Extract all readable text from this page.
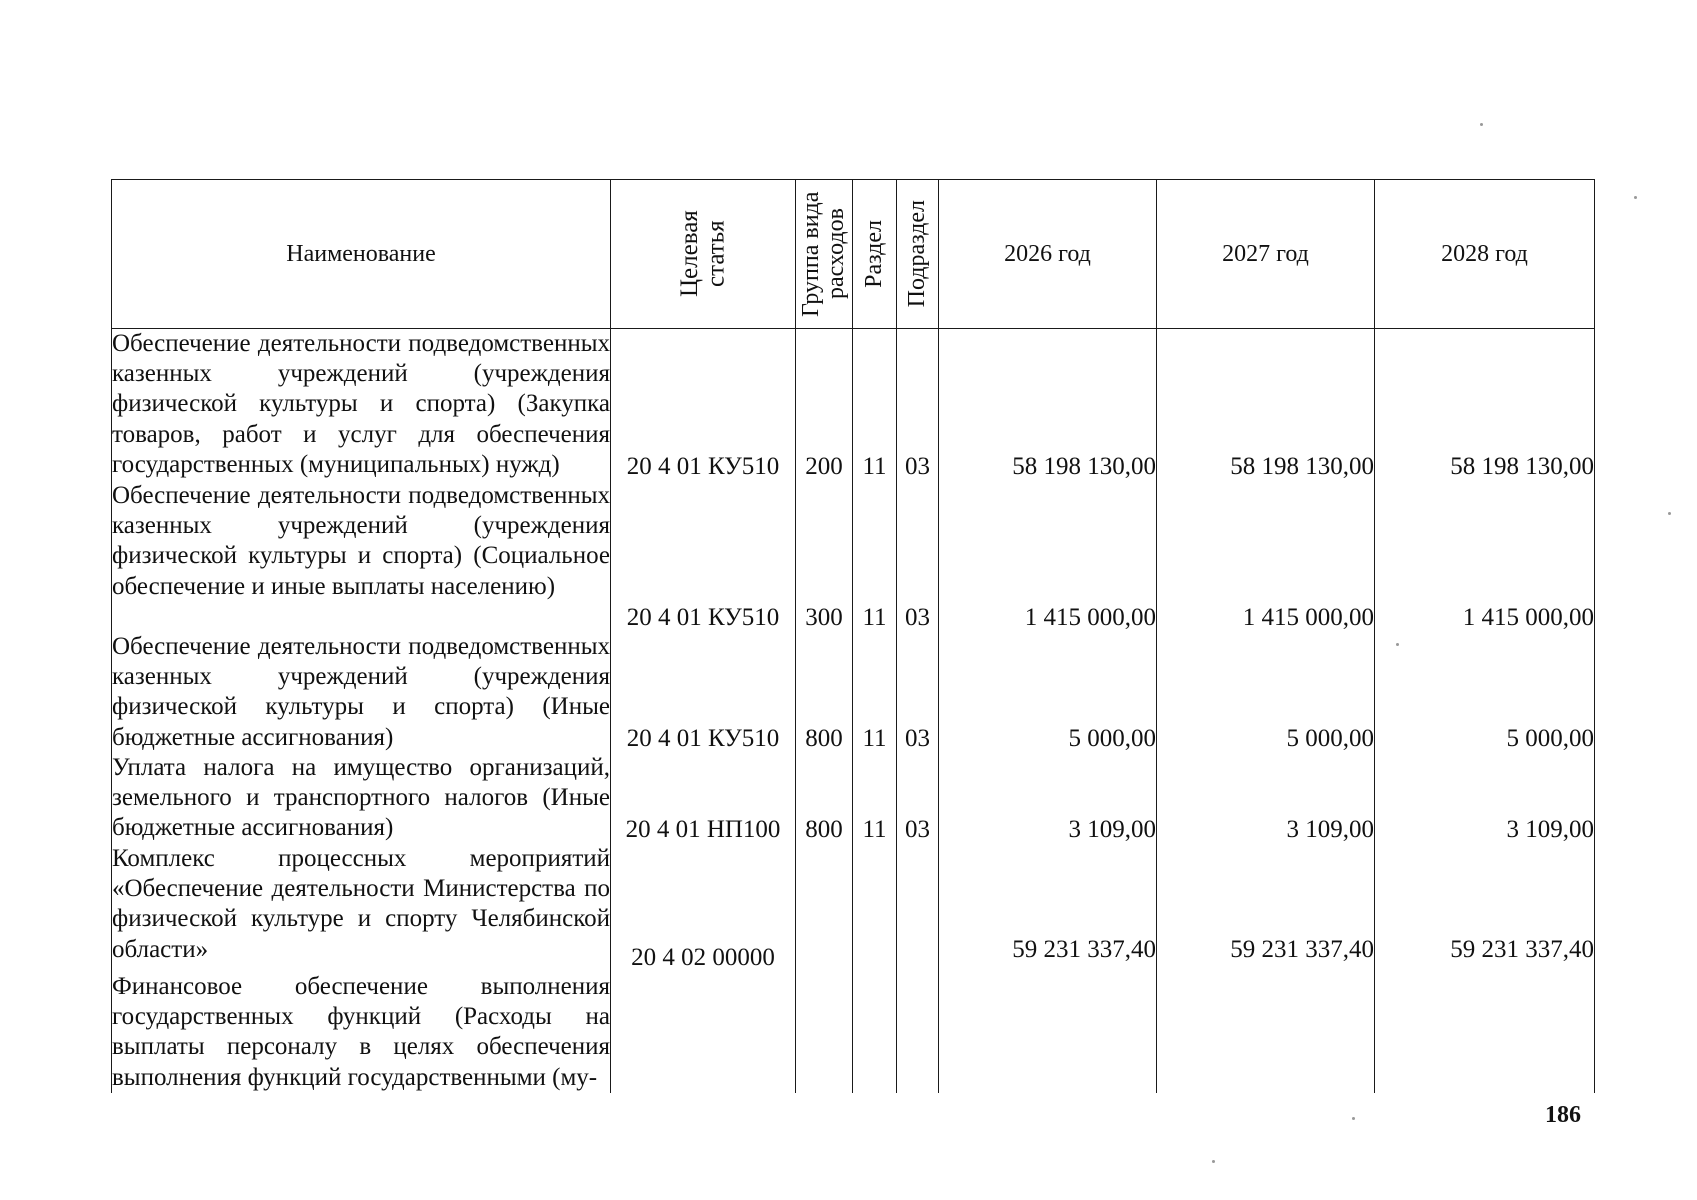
Наименование	Целевая статья	Группа вида расходов	Раздел	Подраздел	2026 год	2027 год	2028 год
Обеспечение деятельности подведомственных казенных учреждений (учреждения физической культуры и спорта) (Закупка товаров, работ и услуг для обеспечения государственных (муниципальных) нужд)	20 4 01 КУ510	200	11	03	58 198 130,00	58 198 130,00	58 198 130,00
Обеспечение деятельности подведомственных казенных учреждений (учреждения физической культуры и спорта) (Социальное обеспечение и иные выплаты населению)	20 4 01 КУ510	300	11	03	1 415 000,00	1 415 000,00	1 415 000,00
Обеспечение деятельности подведомственных казенных учреждений (учреждения физической культуры и спорта) (Иные бюджетные ассигнования)	20 4 01 КУ510	800	11	03	5 000,00	5 000,00	5 000,00
Уплата налога на имущество организаций, земельного и транспортного налогов (Иные бюджетные ассигнования)	20 4 01 НП100	800	11	03	3 109,00	3 109,00	3 109,00
Комплекс процессных мероприятий «Обеспечение деятельности Министерства по физической культуре и спорту Челябинской области»	20 4 02 00000				59 231 337,40	59 231 337,40	59 231 337,40
Финансовое обеспечение выполнения государственных функций (Расходы на выплаты персоналу в целях обеспечения выполнения функций государственными (му-							
186
